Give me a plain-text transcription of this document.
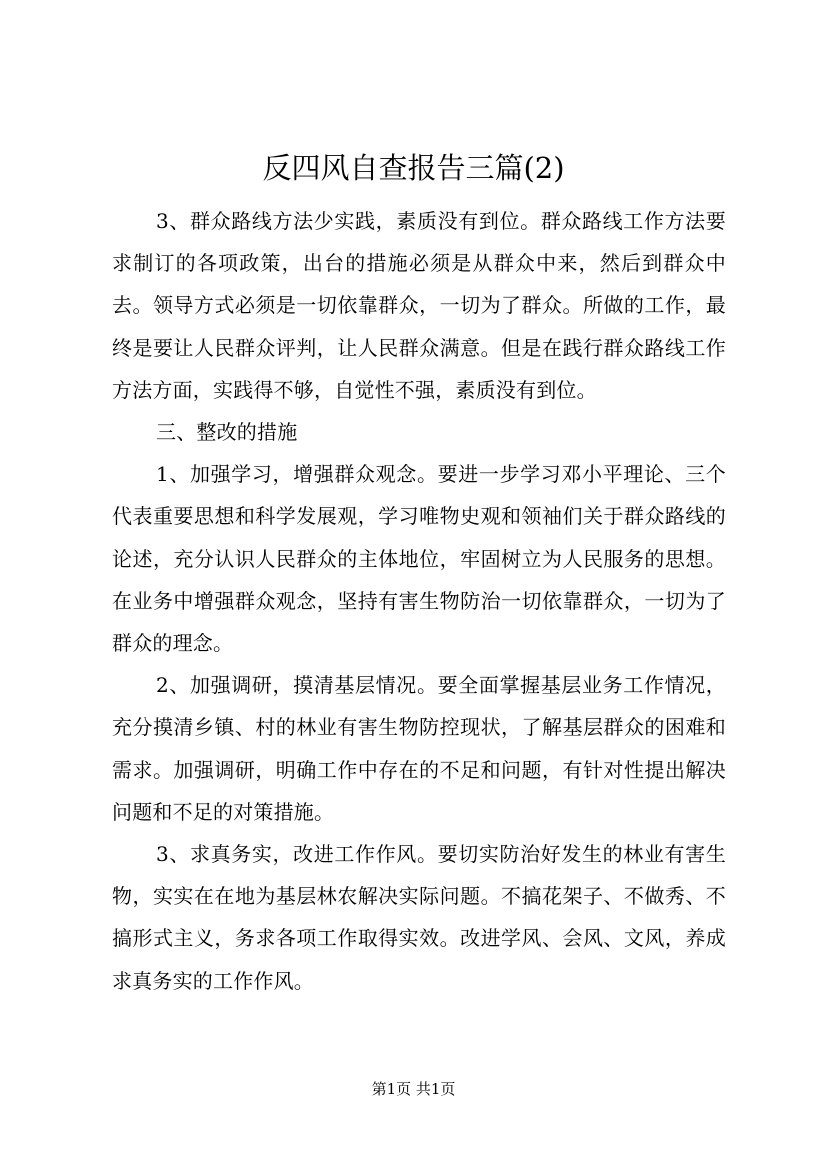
反四风自查报告三篇(2)

3、群众路线方法少实践，素质没有到位。群众路线工作方法要求制订的各项政策，出台的措施必须是从群众中来，然后到群众中去。领导方式必须是一切依靠群众，一切为了群众。所做的工作，最终是要让人民群众评判，让人民群众满意。但是在践行群众路线工作方法方面，实践得不够，自觉性不强，素质没有到位。

三、整改的措施

1、加强学习，增强群众观念。要进一步学习邓小平理论、三个代表重要思想和科学发展观，学习唯物史观和领袖们关于群众路线的论述，充分认识人民群众的主体地位，牢固树立为人民服务的思想。在业务中增强群众观念，坚持有害生物防治一切依靠群众，一切为了群众的理念。

2、加强调研，摸清基层情况。要全面掌握基层业务工作情况，充分摸清乡镇、村的林业有害生物防控现状，了解基层群众的困难和需求。加强调研，明确工作中存在的不足和问题，有针对性提出解决问题和不足的对策措施。

3、求真务实，改进工作作风。要切实防治好发生的林业有害生物，实实在在地为基层林农解决实际问题。不搞花架子、不做秀、不搞形式主义，务求各项工作取得实效。改进学风、会风、文风，养成求真务实的工作作风。

第1页 共1页
